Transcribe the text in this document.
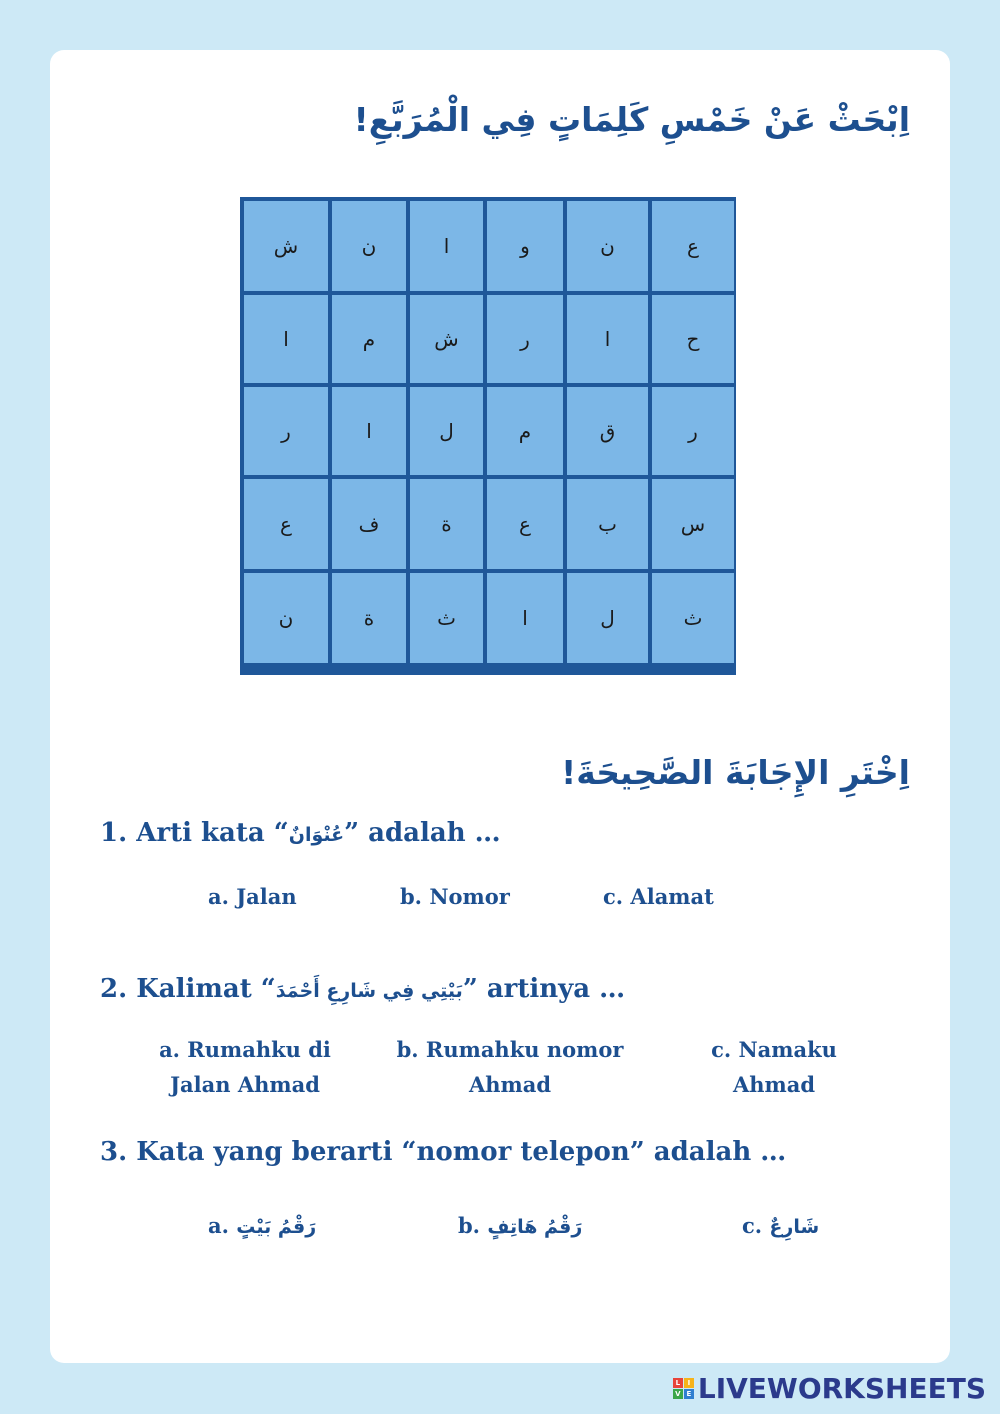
اِبْحَثْ عَنْ خَمْسِ كَلِمَاتٍ فِي الْمُرَبَّعِ!
ش	ن	ا	و	ن	ع
ا	م	ش	ر	ا	ح
ر	ا	ل	م	ق	ر
ع	ف	ة	ع	ب	س
ن	ة	ث	ا	ل	ث
اِخْتَرِ الإِجَابَةَ الصَّحِيحَةَ!
1. Arti kata “عُنْوَانٌ” adalah …
a. Jalan	b. Nomor	c. Alamat
2. Kalimat “بَيْتِي فِي شَارِعِ أَحْمَدَ” artinya …
a. Rumahku di
Jalan Ahmad
b. Rumahku nomor
Ahmad
c. Namaku
Ahmad
3. Kata yang berarti “nomor telepon” adalah …
a. رَقْمُ بَيْتٍ	b. رَقْمُ هَاتِفٍ	c. شَارِعٌ
L	I
V E LIVEWORKSHEETS
